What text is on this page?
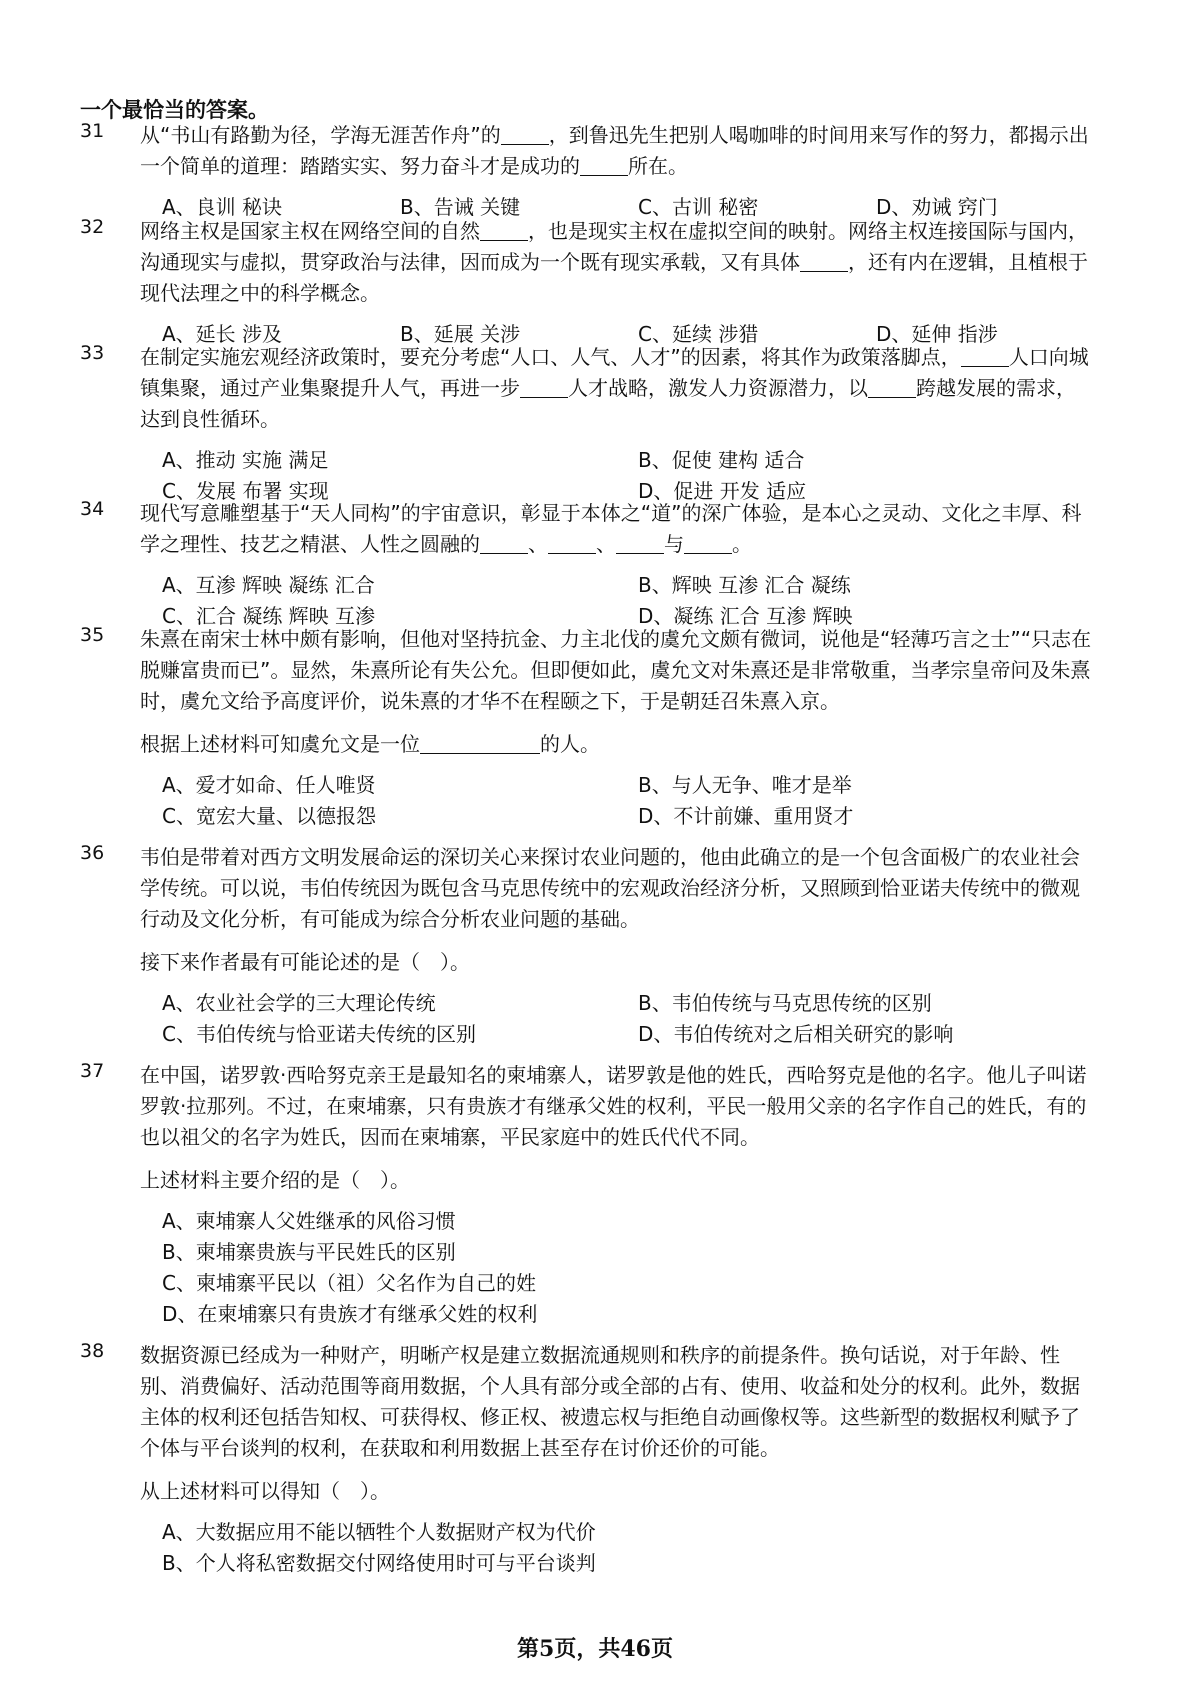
一个最恰当的答案。
31 从“书山有路勤为径，学海无涯苦作舟”的 ，到鲁迅先生把别人喝咖啡的时间用来写作的努力，都揭示出一个简单的道理：踏踏实实、努力奋斗才是成功的 所在。
A、良训 秘诀	B、告诫 关键	C、古训 秘密	D、劝诫 窍门
32 网络主权是国家主权在网络空间的自然 ，也是现实主权在虚拟空间的映射。网络主权连接国际与国内，沟通现实与虚拟，贯穿政治与法律，因而成为一个既有现实承载，又有具体 ，还有内在逻辑，且植根于现代法理之中的科学概念。
A、延长 涉及	B、延展 关涉	C、延续 涉猎	D、延伸 指涉
33 在制定实施宏观经济政策时，要充分考虑“人口、人气、人才”的因素，将其作为政策落脚点， 人口向城镇集聚，通过产业集聚提升人气，再进一步 人才战略，激发人力资源潜力，以 跨越发展的需求，达到良性循环。
A、推动 实施 满足	B、促使 建构 适合
C、发展 布署 实现	D、促进 开发 适应
34 现代写意雕塑基于“天人同构”的宇宙意识，彰显于本体之“道”的深广体验，是本心之灵动、文化之丰厚、科学之理性、技艺之精湛、人性之圆融的 、 、 与 。
A、互渗 辉映 凝练 汇合	B、辉映 互渗 汇合 凝练
C、汇合 凝练 辉映 互渗	D、凝练 汇合 互渗 辉映
35 朱熹在南宋士林中颇有影响，但他对坚持抗金、力主北伐的虞允文颇有微词，说他是“轻薄巧言之士”“只志在脱赚富贵而已”。显然，朱熹所论有失公允。但即便如此，虞允文对朱熹还是非常敬重，当孝宗皇帝问及朱熹时，虞允文给予高度评价，说朱熹的才华不在程颐之下，于是朝廷召朱熹入京。
根据上述材料可知虞允文是一位	的人。
A、爱才如命、任人唯贤	B、与人无争、唯才是举
C、宽宏大量、以德报怨	D、不计前嫌、重用贤才
36 韦伯是带着对西方文明发展命运的深切关心来探讨农业问题的，他由此确立的是一个包含面极广的农业社会学传统。可以说，韦伯传统因为既包含马克思传统中的宏观政治经济分析，又照顾到恰亚诺夫传统中的微观行动及文化分析，有可能成为综合分析农业问题的基础。
接下来作者最有可能论述的是（　）。
A、农业社会学的三大理论传统	B、韦伯传统与马克思传统的区别
C、韦伯传统与恰亚诺夫传统的区别	D、韦伯传统对之后相关研究的影响
37 在中国，诺罗敦·西哈努克亲王是最知名的柬埔寨人，诺罗敦是他的姓氏，西哈努克是他的名字。他儿子叫诺罗敦·拉那列。不过，在柬埔寨，只有贵族才有继承父姓的权利，平民一般用父亲的名字作自己的姓氏，有的也以祖父的名字为姓氏，因而在柬埔寨，平民家庭中的姓氏代代不同。
上述材料主要介绍的是（　）。
A、柬埔寨人父姓继承的风俗习惯
B、柬埔寨贵族与平民姓氏的区别
C、柬埔寨平民以（祖）父名作为自己的姓
D、在柬埔寨只有贵族才有继承父姓的权利
38 数据资源已经成为一种财产，明晰产权是建立数据流通规则和秩序的前提条件。换句话说，对于年龄、性别、消费偏好、活动范围等商用数据，个人具有部分或全部的占有、使用、收益和处分的权利。此外，数据主体的权利还包括告知权、可获得权、修正权、被遗忘权与拒绝自动画像权等。这些新型的数据权利赋予了个体与平台谈判的权利，在获取和利用数据上甚至存在讨价还价的可能。
从上述材料可以得知（　）。
A、大数据应用不能以牺牲个人数据财产权为代价
B、个人将私密数据交付网络使用时可与平台谈判
第5页，共46页
